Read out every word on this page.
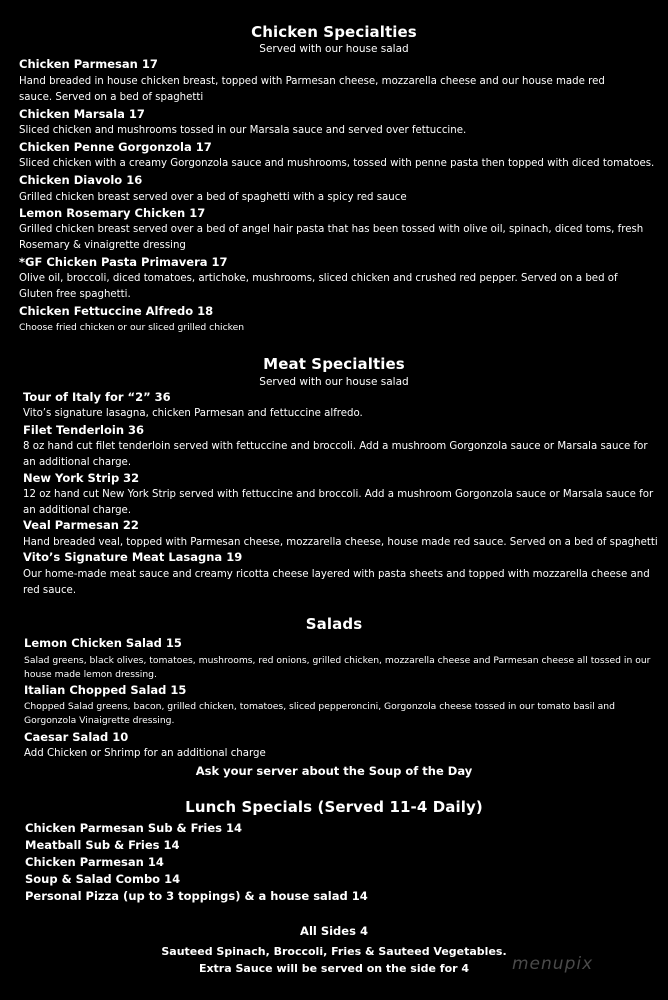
Chicken Specialties
Served with our house salad
Chicken Parmesan 17
Hand breaded in house chicken breast, topped with Parmesan cheese, mozzarella cheese and our house made red
sauce. Served on a bed of spaghetti
Chicken Marsala 17
Sliced chicken and mushrooms tossed in our Marsala sauce and served over fettuccine.
Chicken Penne Gorgonzola 17
Sliced chicken with a creamy Gorgonzola sauce and mushrooms, tossed with penne pasta then topped with diced tomatoes.
Chicken Diavolo 16
Grilled chicken breast served over a bed of spaghetti with a spicy red sauce
Lemon Rosemary Chicken 17
Grilled chicken breast served over a bed of angel hair pasta that has been tossed with olive oil, spinach, diced toms, fresh
Rosemary & vinaigrette dressing
*GF Chicken Pasta Primavera 17
Olive oil, broccoli, diced tomatoes, artichoke, mushrooms, sliced chicken and crushed red pepper. Served on a bed of
Gluten free spaghetti.
Chicken Fettuccine Alfredo 18
Choose fried chicken or our sliced grilled chicken
Meat Specialties
Served with our house salad
Tour of Italy for “2” 36
Vito’s signature lasagna, chicken Parmesan and fettuccine alfredo.
Filet Tenderloin 36
8 oz hand cut filet tenderloin served with fettuccine and broccoli. Add a mushroom Gorgonzola sauce or Marsala sauce for
an additional charge.
New York Strip 32
12 oz hand cut New York Strip served with fettuccine and broccoli. Add a mushroom Gorgonzola sauce or Marsala sauce for
an additional charge.
Veal Parmesan 22
Hand breaded veal, topped with Parmesan cheese, mozzarella cheese, house made red sauce. Served on a bed of spaghetti
Vito’s Signature Meat Lasagna 19
Our home-made meat sauce and creamy ricotta cheese layered with pasta sheets and topped with mozzarella cheese and
red sauce.
Salads
Lemon Chicken Salad 15
Salad greens, black olives, tomatoes, mushrooms, red onions, grilled chicken, mozzarella cheese and Parmesan cheese all tossed in our
house made lemon dressing.
Italian Chopped Salad 15
Chopped Salad greens, bacon, grilled chicken, tomatoes, sliced pepperoncini, Gorgonzola cheese tossed in our tomato basil and
Gorgonzola Vinaigrette dressing.
Caesar Salad 10
Add Chicken or Shrimp for an additional charge
Ask your server about the Soup of the Day
Lunch Specials (Served 11-4 Daily)
Chicken Parmesan Sub & Fries 14
Meatball Sub & Fries 14
Chicken Parmesan 14
Soup & Salad Combo 14
Personal Pizza (up to 3 toppings) & a house salad 14
All Sides 4
Sauteed Spinach, Broccoli, Fries & Sauteed Vegetables.
Extra Sauce will be served on the side for 4	menupix
